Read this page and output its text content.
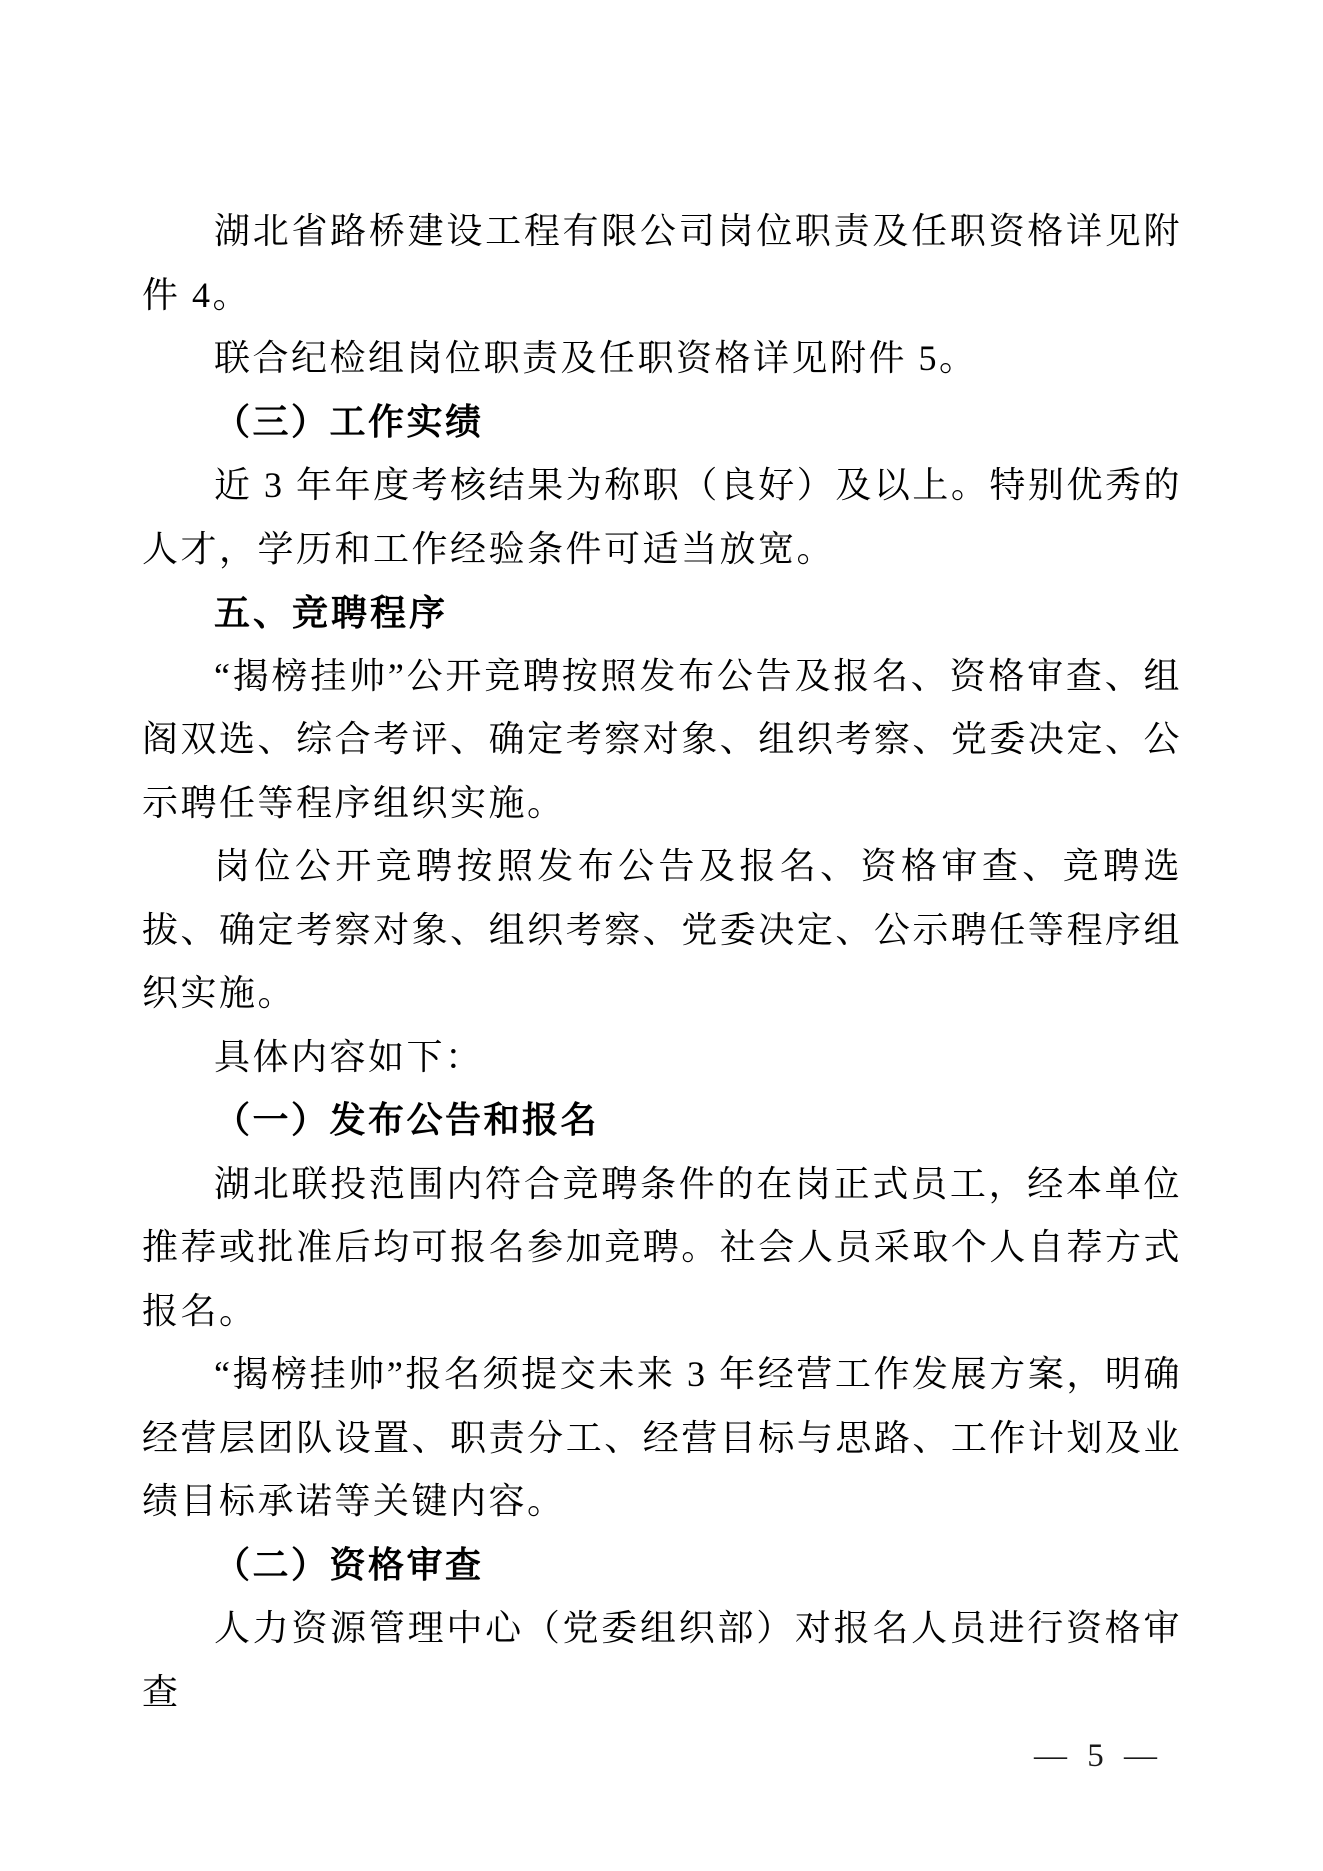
湖北省路桥建设工程有限公司岗位职责及任职资格详见附件 4。

联合纪检组岗位职责及任职资格详见附件 5。

（三）工作实绩

近 3 年年度考核结果为称职（良好）及以上。特别优秀的人才，学历和工作经验条件可适当放宽。

五、竞聘程序

“揭榜挂帅”公开竞聘按照发布公告及报名、资格审查、组阁双选、综合考评、确定考察对象、组织考察、党委决定、公示聘任等程序组织实施。

岗位公开竞聘按照发布公告及报名、资格审查、竞聘选拔、确定考察对象、组织考察、党委决定、公示聘任等程序组织实施。

具体内容如下：

（一）发布公告和报名

湖北联投范围内符合竞聘条件的在岗正式员工，经本单位推荐或批准后均可报名参加竞聘。社会人员采取个人自荐方式报名。

“揭榜挂帅”报名须提交未来 3 年经营工作发展方案，明确经营层团队设置、职责分工、经营目标与思路、工作计划及业绩目标承诺等关键内容。

（二）资格审查

人力资源管理中心（党委组织部）对报名人员进行资格审查

— 5 —
